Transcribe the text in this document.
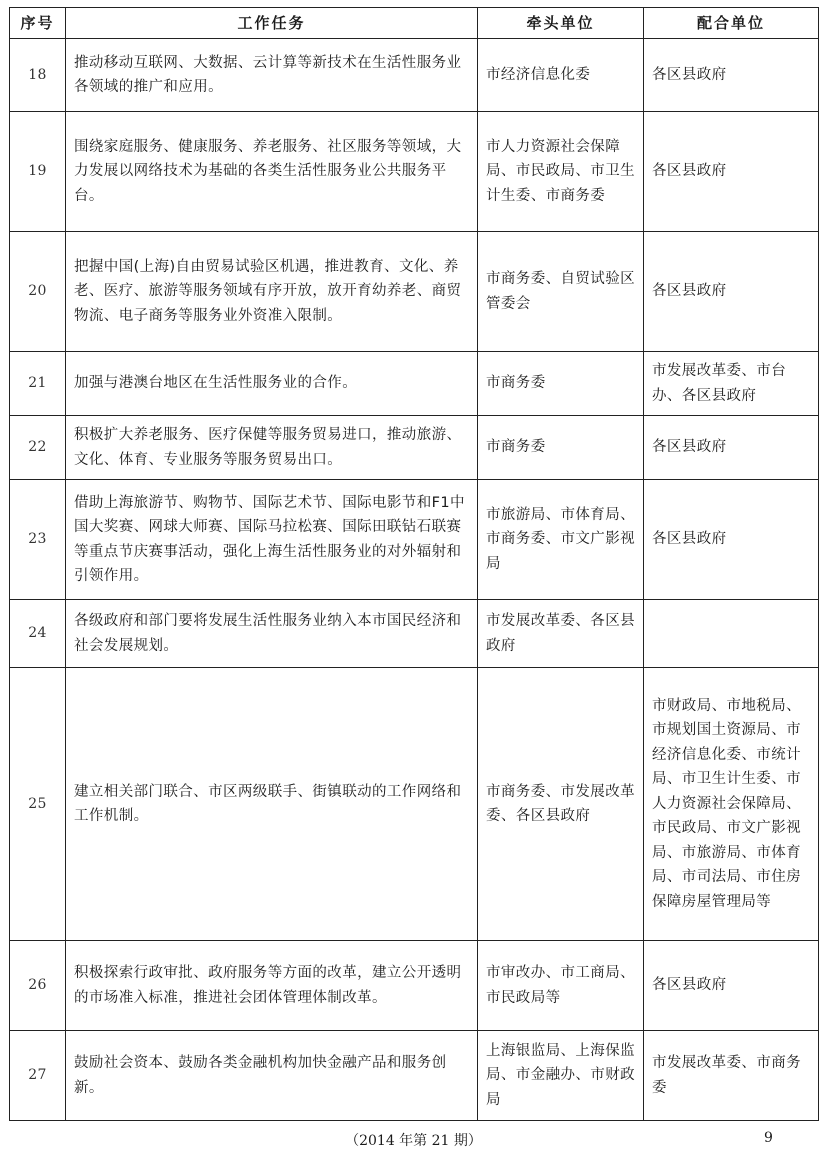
序号	工作任务	牵头单位	配合单位
18	推动移动互联网、大数据、云计算等新技术在生活性服务业各领域的推广和应用。	市经济信息化委	各区县政府
19	围绕家庭服务、健康服务、养老服务、社区服务等领域，大力发展以网络技术为基础的各类生活性服务业公共服务平台。	市人力资源社会保障局、市民政局、市卫生计生委、市商务委	各区县政府
20	把握中国(上海)自由贸易试验区机遇，推进教育、文化、养老、医疗、旅游等服务领域有序开放，放开育幼养老、商贸物流、电子商务等服务业外资准入限制。	市商务委、自贸试验区管委会	各区县政府
21	加强与港澳台地区在生活性服务业的合作。	市商务委	市发展改革委、市台办、各区县政府
22	积极扩大养老服务、医疗保健等服务贸易进口，推动旅游、文化、体育、专业服务等服务贸易出口。	市商务委	各区县政府
23	借助上海旅游节、购物节、国际艺术节、国际电影节和F1中国大奖赛、网球大师赛、国际马拉松赛、国际田联钻石联赛等重点节庆赛事活动，强化上海生活性服务业的对外辐射和引领作用。	市旅游局、市体育局、市商务委、市文广影视局	各区县政府
24	各级政府和部门要将发展生活性服务业纳入本市国民经济和社会发展规划。	市发展改革委、各区县政府	
25	建立相关部门联合、市区两级联手、街镇联动的工作网络和工作机制。	市商务委、市发展改革委、各区县政府	市财政局、市地税局、市规划国土资源局、市经济信息化委、市统计局、市卫生计生委、市人力资源社会保障局、市民政局、市文广影视局、市旅游局、市体育局、市司法局、市住房保障房屋管理局等
26	积极探索行政审批、政府服务等方面的改革，建立公开透明的市场准入标准，推进社会团体管理体制改革。	市审改办、市工商局、市民政局等	各区县政府
27	鼓励社会资本、鼓励各类金融机构加快金融产品和服务创新。	上海银监局、上海保监局、市金融办、市财政局	市发展改革委、市商务委
（2014 年第 21 期）	9
